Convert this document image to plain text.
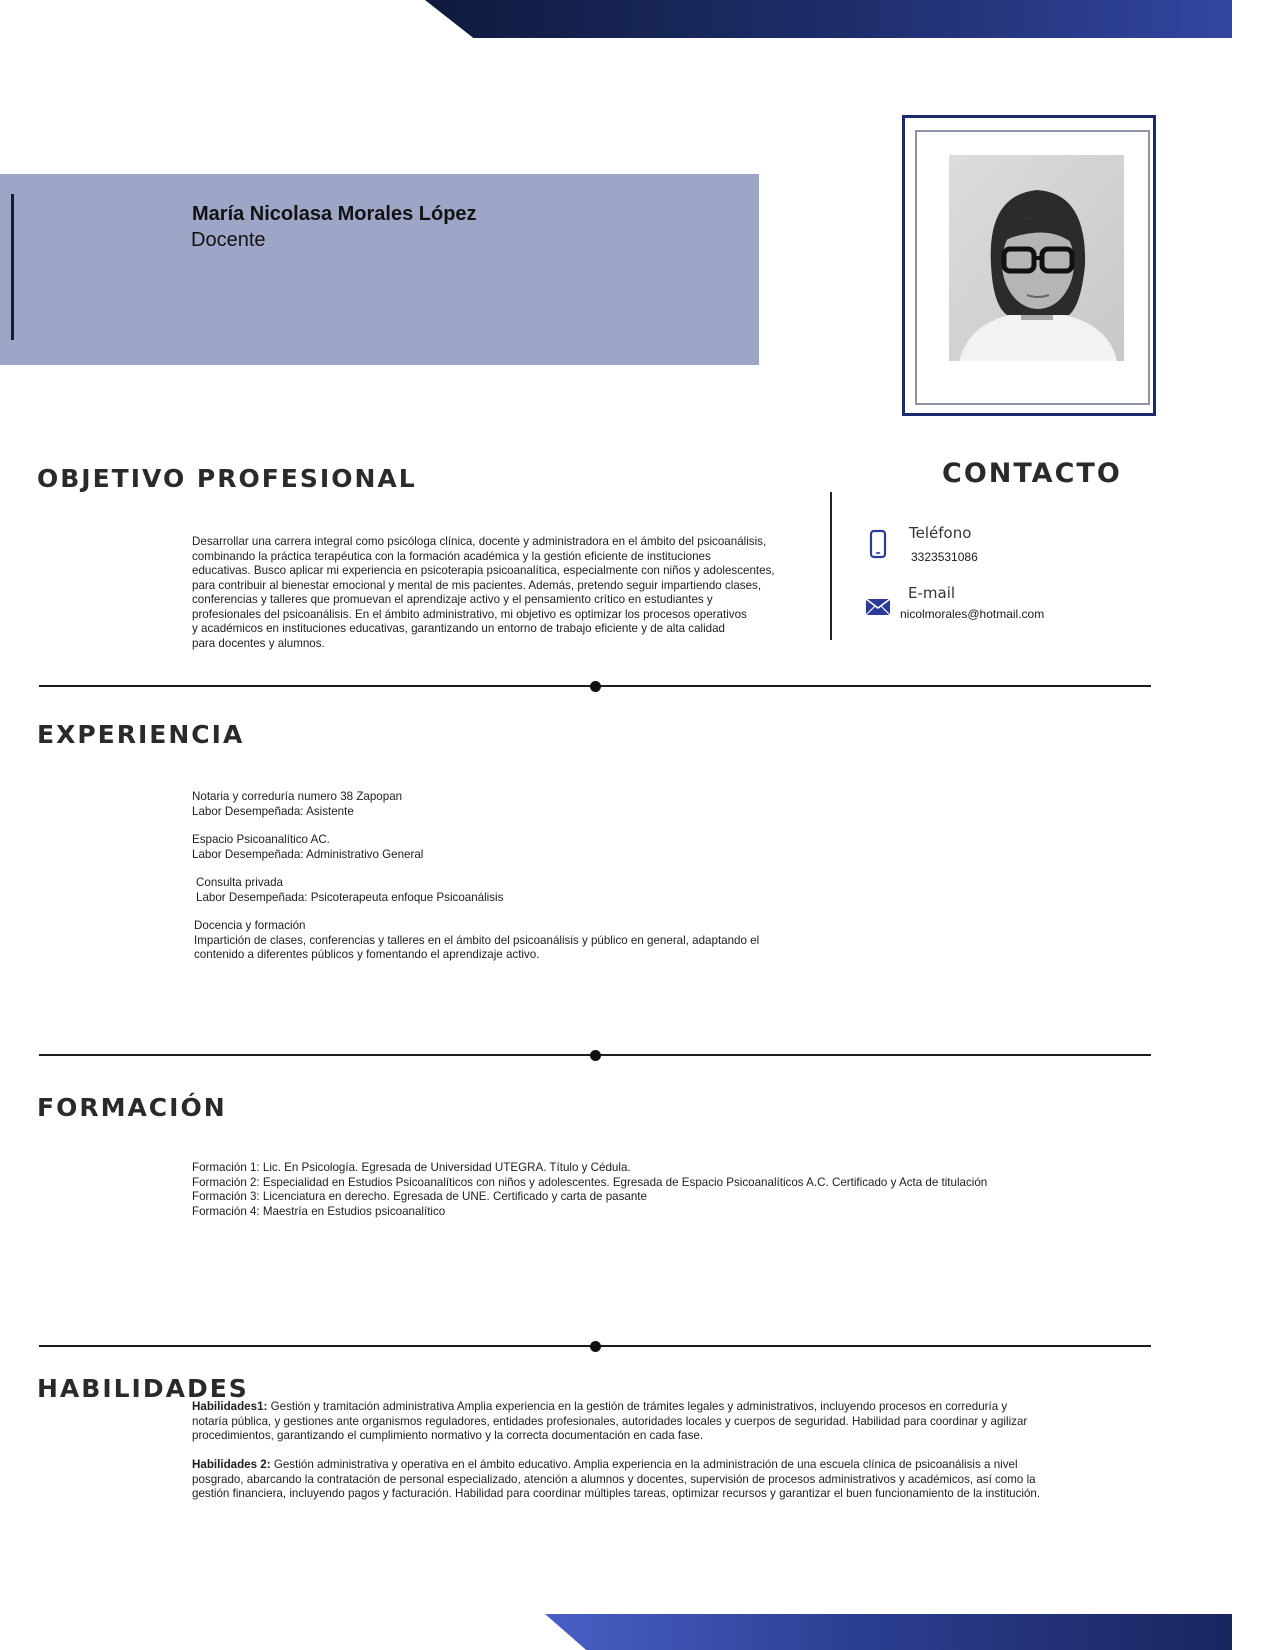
María Nicolasa Morales López
Docente
OBJETIVO PROFESIONAL
Desarrollar una carrera integral como psicóloga clínica, docente y administradora en el ámbito del psicoanálisis,
combinando la práctica terapéutica con la formación académica y la gestión eficiente de instituciones
educativas. Busco aplicar mi experiencia en psicoterapia psicoanalítica, especialmente con niños y adolescentes,
para contribuir al bienestar emocional y mental de mis pacientes. Además, pretendo seguir impartiendo clases,
conferencias y talleres que promuevan el aprendizaje activo y el pensamiento crítico en estudiantes y
profesionales del psicoanálisis. En el ámbito administrativo, mi objetivo es optimizar los procesos operativos
y académicos en instituciones educativas, garantizando un entorno de trabajo eficiente y de alta calidad
para docentes y alumnos.
CONTACTO
Teléfono
3323531086
E-mail
nicolmorales@hotmail.com
EXPERIENCIA
Notaria y correduría numero 38 Zapopan
Labor Desempeñada: Asistente
Espacio Psicoanalítico AC.
Labor Desempeñada: Administrativo General
Consulta privada
Labor Desempeñada: Psicoterapeuta enfoque Psicoanálisis
Docencia y formación
Impartición de clases, conferencias y talleres en el ámbito del psicoanálisis y público en general, adaptando el
contenido a diferentes públicos y fomentando el aprendizaje activo.
FORMACIÓN
Formación 1: Lic. En Psicología. Egresada de Universidad UTEGRA. Título y Cédula.
Formación 2: Especialidad en Estudios Psicoanalíticos con niños y adolescentes. Egresada de Espacio Psicoanalíticos A.C. Certificado y Acta de titulación
Formación 3: Licenciatura en derecho. Egresada de UNE. Certificado y carta de pasante
Formación 4: Maestría en Estudios psicoanalítico
HABILIDADES
Habilidades1: Gestión y tramitación administrativa Amplia experiencia en la gestión de trámites legales y administrativos, incluyendo procesos en correduría y
notaría pública, y gestiones ante organismos reguladores, entidades profesionales, autoridades locales y cuerpos de seguridad. Habilidad para coordinar y agilizar
procedimientos, garantizando el cumplimiento normativo y la correcta documentación en cada fase.
Habilidades 2: Gestión administrativa y operativa en el ámbito educativo. Amplia experiencia en la administración de una escuela clínica de psicoanálisis a nivel
posgrado, abarcando la contratación de personal especializado, atención a alumnos y docentes, supervisión de procesos administrativos y académicos, así como la
gestión financiera, incluyendo pagos y facturación. Habilidad para coordinar múltiples tareas, optimizar recursos y garantizar el buen funcionamiento de la institución.
